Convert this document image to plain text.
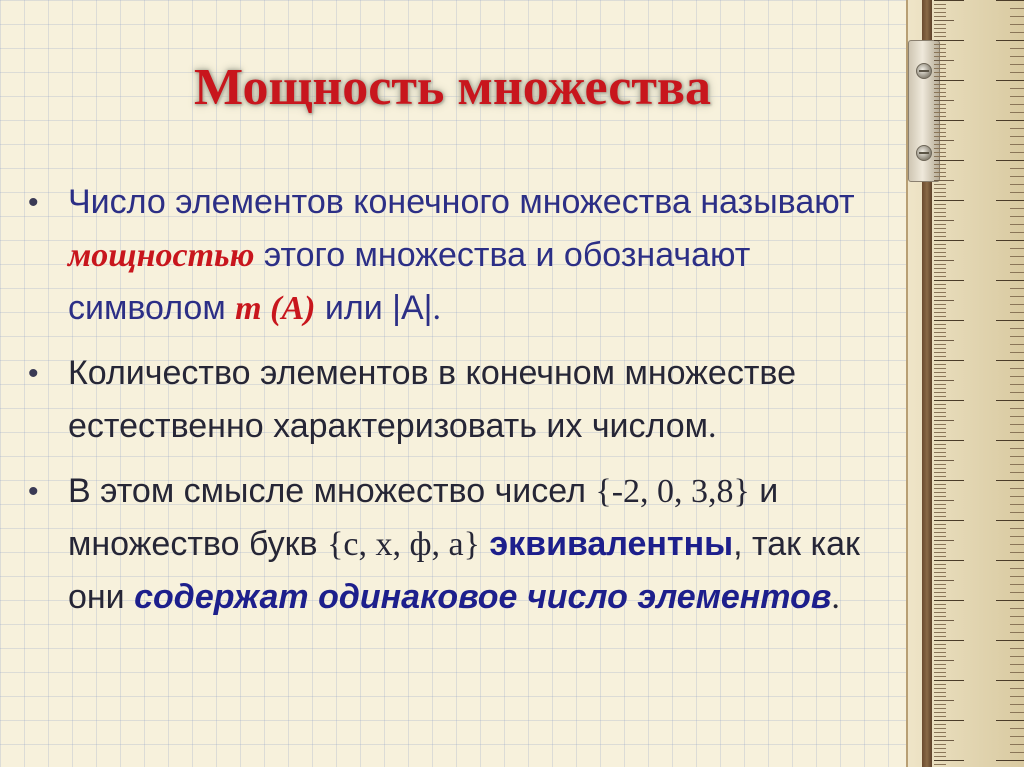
Мощность множества
• Число элементов конечного множества называют мощностью этого множества и обозначают символом m (A) или |A|.
• Количество элементов в конечном множестве естественно характеризовать их числом.
• В этом смысле множество чисел {-2, 0, 3,8} и множество букв {с, х, ф, а} эквивалентны, так как они содержат одинаковое число элементов.
